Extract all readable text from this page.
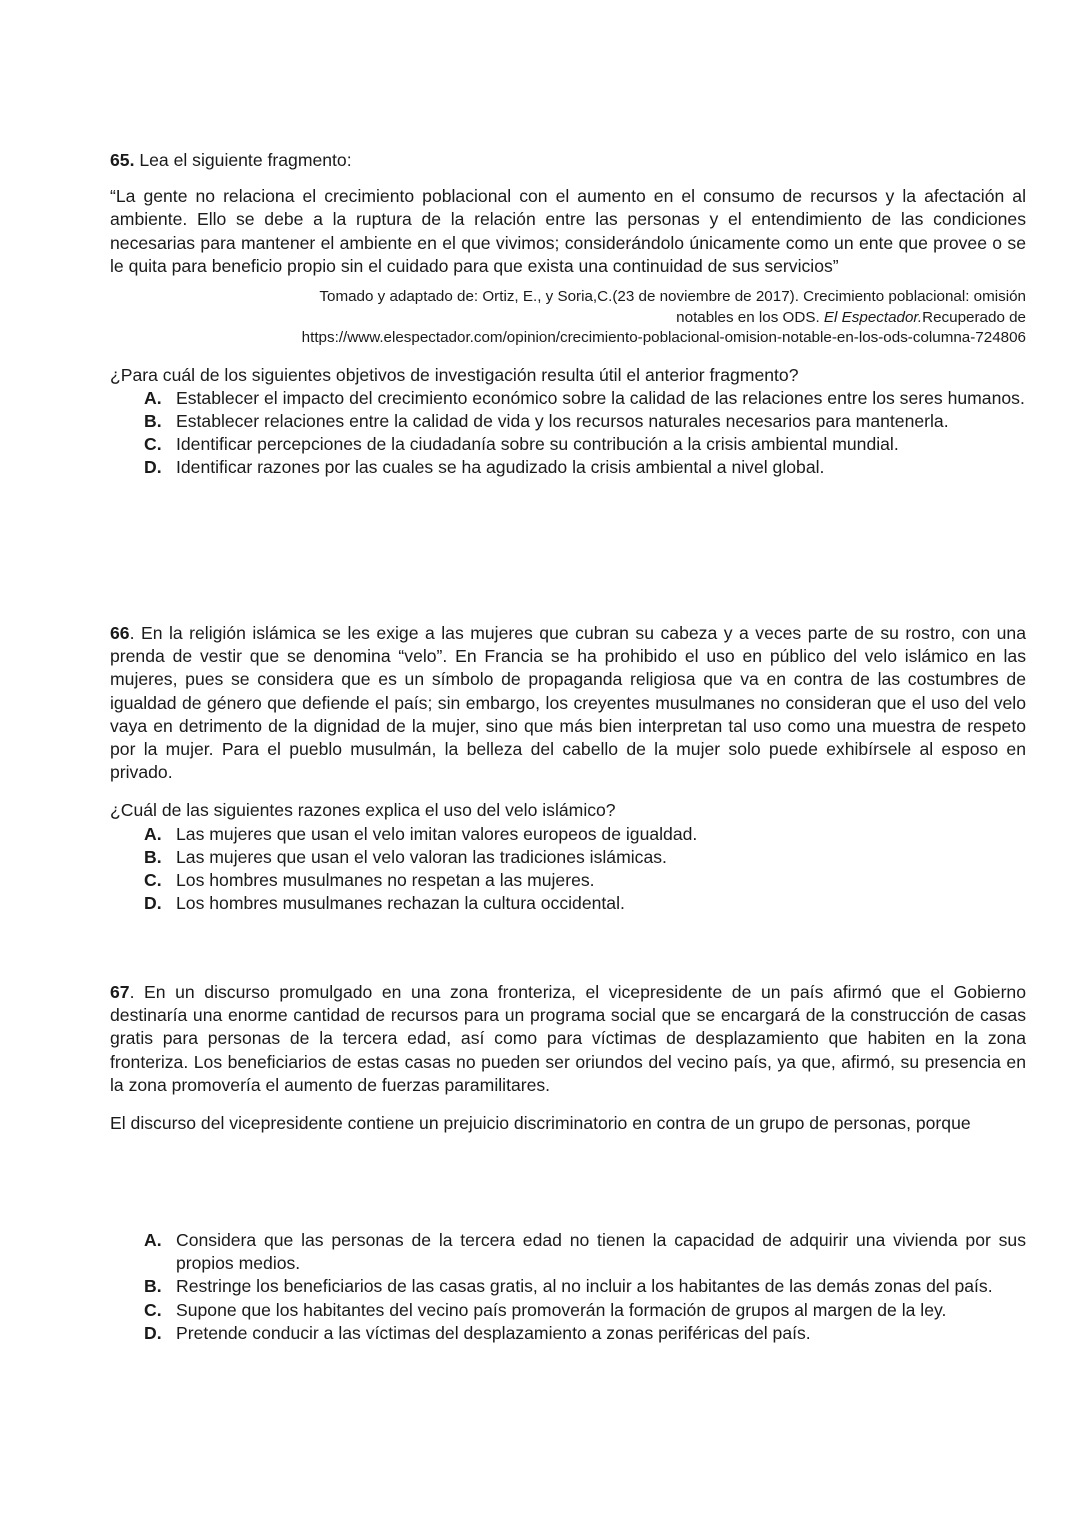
65. Lea el siguiente fragmento:

“La gente no relaciona el crecimiento poblacional con el aumento en el consumo de recursos y la afectación al ambiente. Ello se debe a la ruptura de la relación entre las personas y el entendimiento de las condiciones necesarias para mantener el ambiente en el que vivimos; considerándolo únicamente como un ente que provee o se le quita para beneficio propio sin el cuidado para que exista una continuidad de sus servicios”

Tomado y adaptado de: Ortiz, E., y Soria,C.(23 de noviembre de 2017). Crecimiento poblacional: omisión
notables en los ODS. El Espectador.Recuperado de
https://www.elespectador.com/opinion/crecimiento-poblacional-omision-notable-en-los-ods-columna-724806

¿Para cuál de los siguientes objetivos de investigación resulta útil el anterior fragmento?

A. Establecer el impacto del crecimiento económico sobre la calidad de las relaciones entre los seres humanos.
B. Establecer relaciones entre la calidad de vida y los recursos naturales necesarios para mantenerla.
C. Identificar percepciones de la ciudadanía sobre su contribución a la crisis ambiental mundial.
D. Identificar razones por las cuales se ha agudizado la crisis ambiental a nivel global.

66. En la religión islámica se les exige a las mujeres que cubran su cabeza y a veces parte de su rostro, con una prenda de vestir que se denomina “velo”. En Francia se ha prohibido el uso en público del velo islámico en las mujeres, pues se considera que es un símbolo de propaganda religiosa que va en contra de las costumbres de igualdad de género que defiende el país; sin embargo, los creyentes musulmanes no consideran que el uso del velo vaya en detrimento de la dignidad de la mujer, sino que más bien interpretan tal uso como una muestra de respeto por la mujer. Para el pueblo musulmán, la belleza del cabello de la mujer solo puede exhibírsele al esposo en privado.

¿Cuál de las siguientes razones explica el uso del velo islámico?

A. Las mujeres que usan el velo imitan valores europeos de igualdad.
B. Las mujeres que usan el velo valoran las tradiciones islámicas.
C. Los hombres musulmanes no respetan a las mujeres.
D. Los hombres musulmanes rechazan la cultura occidental.

67. En un discurso promulgado en una zona fronteriza, el vicepresidente de un país afirmó que el Gobierno destinaría una enorme cantidad de recursos para un programa social que se encargará de la construcción de casas gratis para personas de la tercera edad, así como para víctimas de desplazamiento que habiten en la zona fronteriza. Los beneficiarios de estas casas no pueden ser oriundos del vecino país, ya que, afirmó, su presencia en la zona promovería el aumento de fuerzas paramilitares.

El discurso del vicepresidente contiene un prejuicio discriminatorio en contra de un grupo de personas, porque

A. Considera que las personas de la tercera edad no tienen la capacidad de adquirir una vivienda por sus propios medios.
B. Restringe los beneficiarios de las casas gratis, al no incluir a los habitantes de las demás zonas del país.
C. Supone que los habitantes del vecino país promoverán la formación de grupos al margen de la ley.
D. Pretende conducir a las víctimas del desplazamiento a zonas periféricas del país.
